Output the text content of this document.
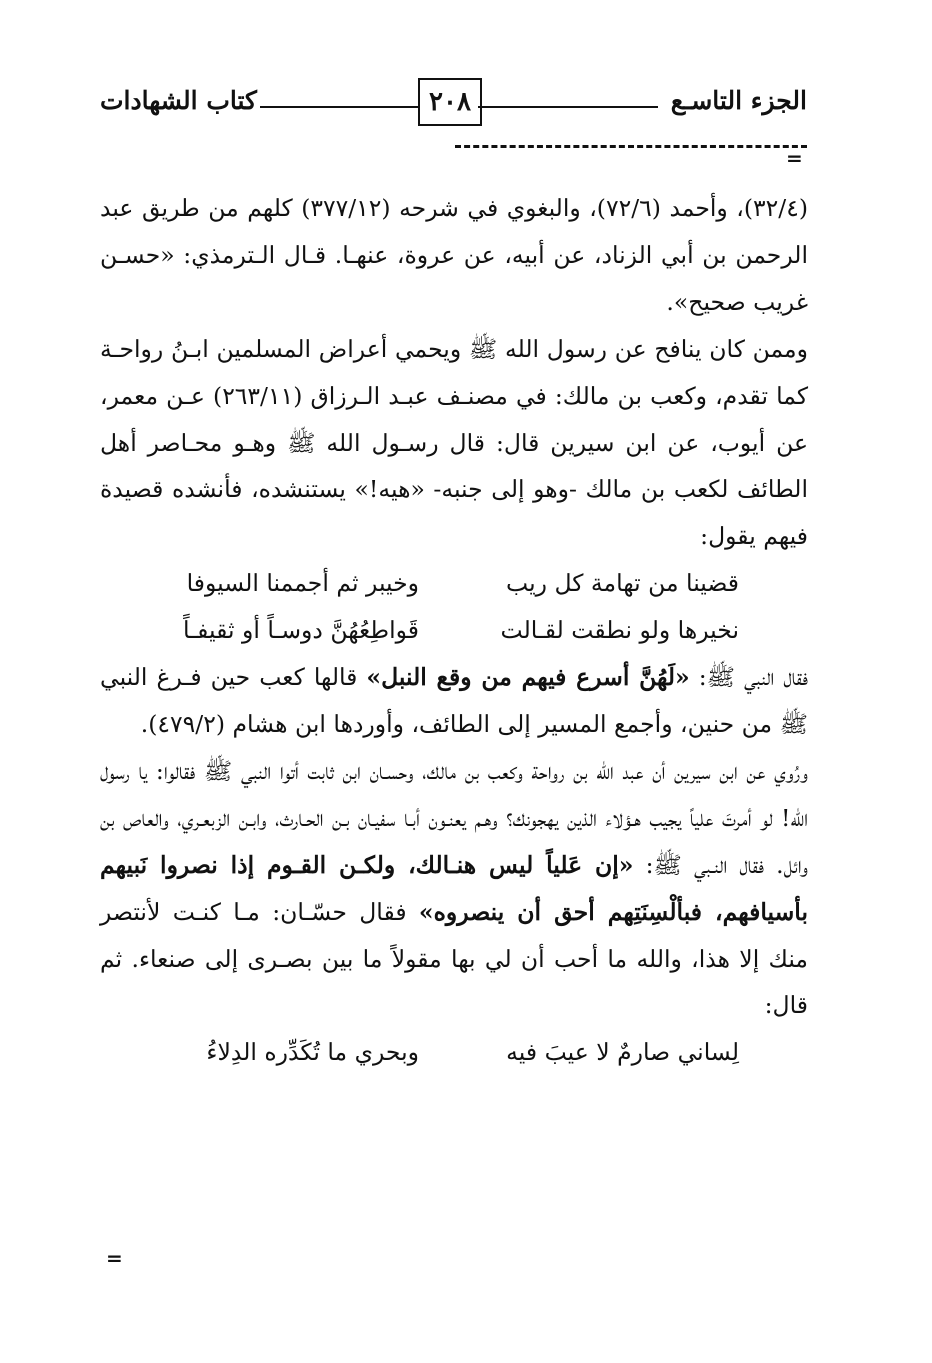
الجزء التاسـع
٢٠٨
كتاب الشهادات
=

(٣٢/٤)، وأحمد (٧٢/٦)، والبغوي في شرحه (٣٧٧/١٢) كلهم من طريق عبد الرحمن بن أبي الزناد، عن أبيه، عن عروة، عنهـا. قـال الـترمذي: «حسـن غريب صحيح».

وممن كان ينافح عن رسول الله ﷺ ويحمي أعراض المسلمين ابـنُ رواحـة كما تقدم، وكعب بن مالك: في مصنـف عبـد الـرزاق (٢٦٣/١١) عـن معمر، عن أيوب، عن ابن سيرين قال: قال رسـول الله ﷺ وهـو محـاصر أهل الطائف لكعب بن مالك -وهو إلى جنبه- «هيه!» يستنشده، فأنشده قصيدة فيهم يقول:

قضينا من تهامة كل ريب
وخيبر ثم أجممنا السيوفا
نخيرها ولو نطقت لقـالت
قَواطِعُهُنَّ دوسـاً أو ثقيفـاً

فقال النبي ﷺ: «لَهُنَّ أسرع فيهم من وقع النبل» قالها كعب حين فـرغ النبي ﷺ من حنين، وأجمع المسير إلى الطائف، وأوردها ابن هشام (٤٧٩/٢).

ورُوي عن ابن سيرين أن عبد الله بن رواحة وكعب بن مالك، وحسـان ابن ثابت أتوا النبي ﷺ فقالوا: يا رسول الله! لو أمرتَ علياً يجيب هـؤلاء الذين يهجونك؟ وهـم يعنـون أبـا سفيـان بـن الحـارث، وابـن الزبعـري، والعاص بن وائل. فقال النـبي ﷺ: «إن عَلياً ليس هنـالك، ولكـن القـوم إذا نصروا نَبيهم بأسيافهم، فبألْسِنَتِهم أحق أن ينصروه» فقال حسّـان: مـا كنـت لأنتصر منك إلا هذا، والله ما أحب أن لي بها مقولاً ما بين بصـرى إلى صنعاء. ثم قال:

لِساني صارمٌ لا عيبَ فيه
وبحري ما تُكَدِّره الدِلاءُ
=
